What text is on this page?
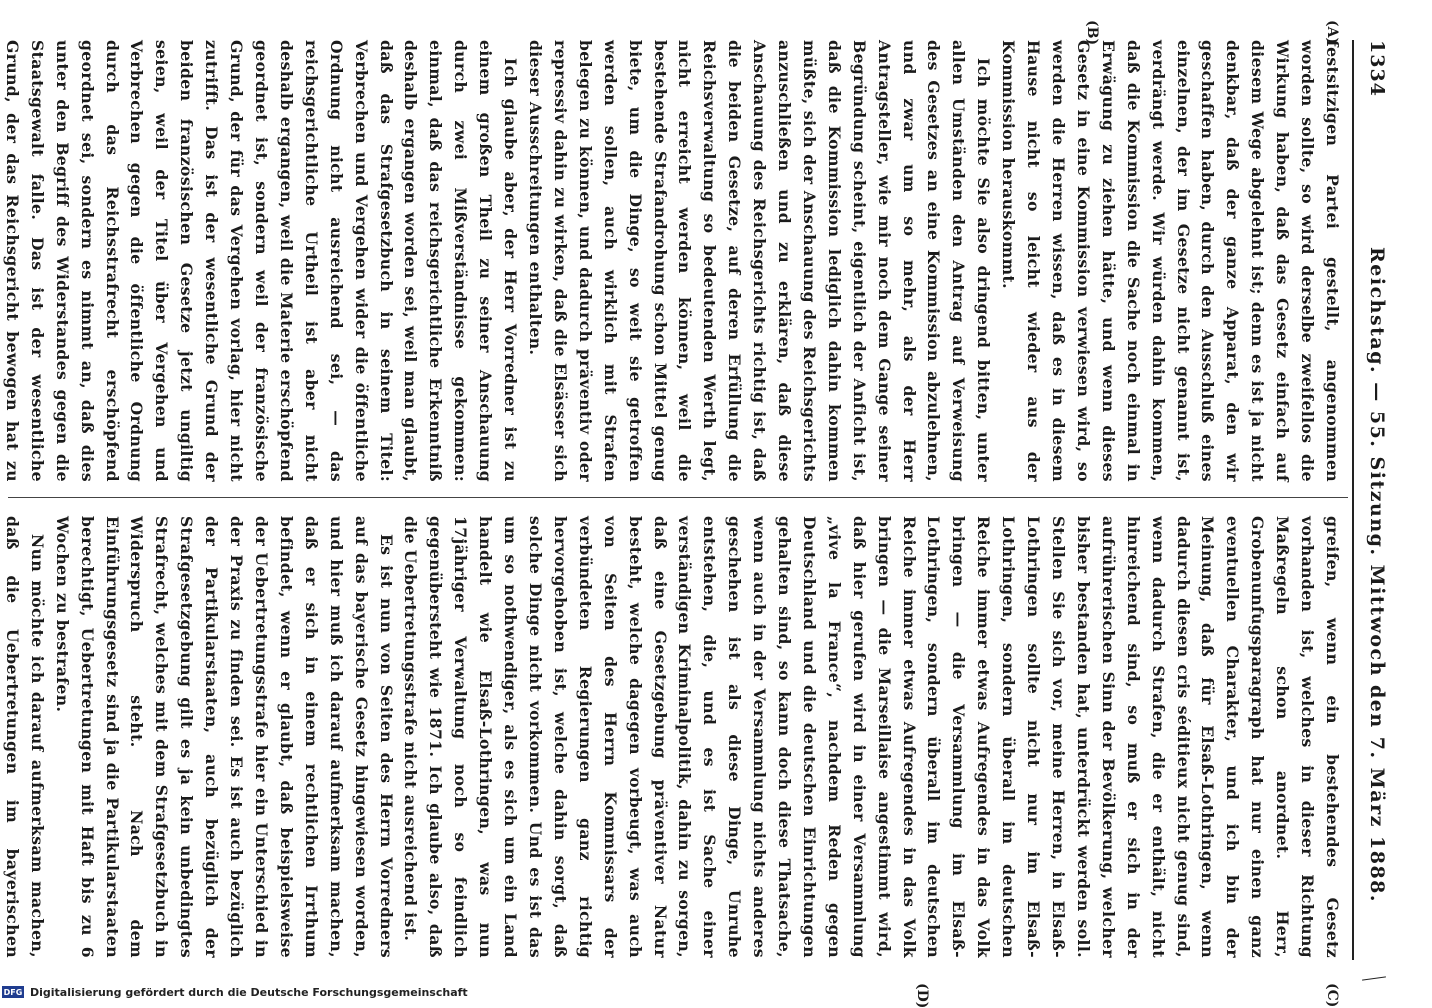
1334
Reichstag. — 55. Sitzung. Mittwoch den 7. März 1888.
(A)
(B)
(C)
(D)

festsitzigen Partei gestellt, angenommen worden sollte, so wird derselbe zweifellos die Wirkung haben, daß das Gesetz einfach auf diesem Wege abgelehnt ist; denn es ist ja nicht denkbar, daß der ganze Apparat, den wir geschaffen haben, durch den Ausschluß eines einzelnen, der im Gesetze nicht genannt ist, verdrängt werde. Wir würden dahin kommen, daß die Kommission die Sache noch einmal in Erwägung zu ziehen hätte, und wenn dieses Gesetz in eine Kommission verwiesen wird, so werden die Herren wissen, daß es in diesem Hause nicht so leicht wieder aus der Kommission herauskommt.

Ich möchte Sie also dringend bitten, unter allen Umständen den Antrag auf Verweisung des Gesetzes an eine Kommission abzulehnen, und zwar um so mehr, als der Herr Antragsteller, wie mir noch dem Gange seiner Begründung scheint, eigentlich der Anficht ist, daß die Kommission lediglich dahin kommen müßte, sich der Anschauung des Reichsgerichts anzuschließen und zu erklären, daß diese Anschauung des Reichsgerichts richtig ist, daß die beiden Gesetze, auf deren Erfüllung die Reichsverwaltung so bedeutenden Werth legt, nicht erreicht werden können, weil die bestehende Strafandrohung schon Mittel genug biete, um die Dinge, so weit sie getroffen werden sollen, auch wirklich mit Strafen belegen zu können, und dadurch präventiv oder repressiv dahin zu wirken, daß die Elsässer sich dieser Ausschreitungen enthalten.

Ich glaube aber, der Herr Vorredner ist zu einem großen Theil zu seiner Anschauung durch zwei Mißverständnisse gekommen: einmal, daß das reichsgerichtliche Erkenntniß deshalb ergangen worden sei, weil man glaubt, daß das Strafgesetzbuch in seinem Titel: Verbrechen und Vergehen wider die öffentliche Ordnung nicht ausreichend sei, — das reichsgerichtliche Urtheil ist aber nicht deshalb ergangen, weil die Materie erschöpfend geordnet ist, sondern weil der französische Grund, der für das Vergehen vorlag, hier nicht zutrifft. Das ist der wesentliche Grund der beiden französischen Gesetze jetzt ungiltig seien, weil der Titel über Vergehen und Verbrechen gegen die öffentliche Ordnung durch das Reichsstrafrecht erschöpfend geordnet sei, sondern es nimmt an, daß dies unter den Begriff des Widerstandes gegen die Staatsgewalt falle. Das ist der wesentliche Grund, der das Reichsgericht bewogen hat zu

greifen, wenn ein bestehendes Gesetz vorhanden ist, welches in dieser Richtung Maßregeln schon anordnet. Herr, Grobenunfugsparagraph hat nur einen ganz eventuellen Charakter, und ich bin der Meinung, daß für Elsaß-Lothringen, wenn dadurch diesen cris séditieux nicht genug sind, wenn dadurch Strafen, die er enthält, nicht hinreichend sind, so muß er sich in der aufrührerischen Sinn der Bevölkerung, welcher bisher bestanden hat, unterdrückt werden soll. Stellen Sie sich vor, meine Herren, in Elsaß-Lothringen sollte nicht nur im Elsaß-Lothringen, sondern überall im deutschen Reiche immer etwas Aufregendes in das Volk bringen — die Versammlung im Elsaß-Lothringen, sondern überall im deutschen Reiche immer etwas Aufregendes in das Volk bringen — die Marseillaise angestimmt wird, daß hier gerufen wird in einer Versammlung „vive la France“, nachdem Reden gegen Deutschland und die deutschen Einrichtungen gehalten sind, so kann doch diese Thatsache, wenn auch in der Versammlung nichts anderes geschehen ist als diese Dinge, Unruhe entstehen, die, und es ist Sache einer verständigen Kriminalpolitik, dahin zu sorgen, daß eine Gesetzgebung präventiver Natur besteht, welche dagegen vorbeugt, was auch von Seiten des Herrn Kommissars der verbündeten Regierungen ganz richtig hervorgehoben ist, welche dahin sorgt, daß solche Dinge nicht vorkommen. Und es ist das um so nothwendiger, als es sich um ein Land handelt wie Elsaß-Lothringen, was nun 17jähriger Verwaltung noch so feindlich gegenübersteht wie 1871. Ich glaube also, daß die Uebertretungsstrafe nicht ausreichend ist.

Es ist nun von Seiten des Herrn Vorredners auf das bayerische Gesetz hingewiesen worden, und hier muß ich darauf aufmerksam machen, daß er sich in einem rechtlichen Irrthum befindet, wenn er glaubt, daß beispielsweise der Uebertretungsstrafe hier ein Unterschied in der Praxis zu finden sei. Es ist auch bezüglich der Partikularstaaten, auch bezüglich der Strafgesetzgebung gilt es ja kein unbedingtes Strafrecht, welches mit dem Strafgesetzbuch in Widerspruch steht. Nach dem Einführungsgesetz sind ja die Partikularstaaten berechtigt, Uebertretungen mit Haft bis zu 6 Wochen zu bestrafen.

Nun möchte ich darauf aufmerksam machen, daß die Uebertretungen im bayerischen

DFG Digitalisierung gefördert durch die Deutsche Forschungsgemeinschaft
